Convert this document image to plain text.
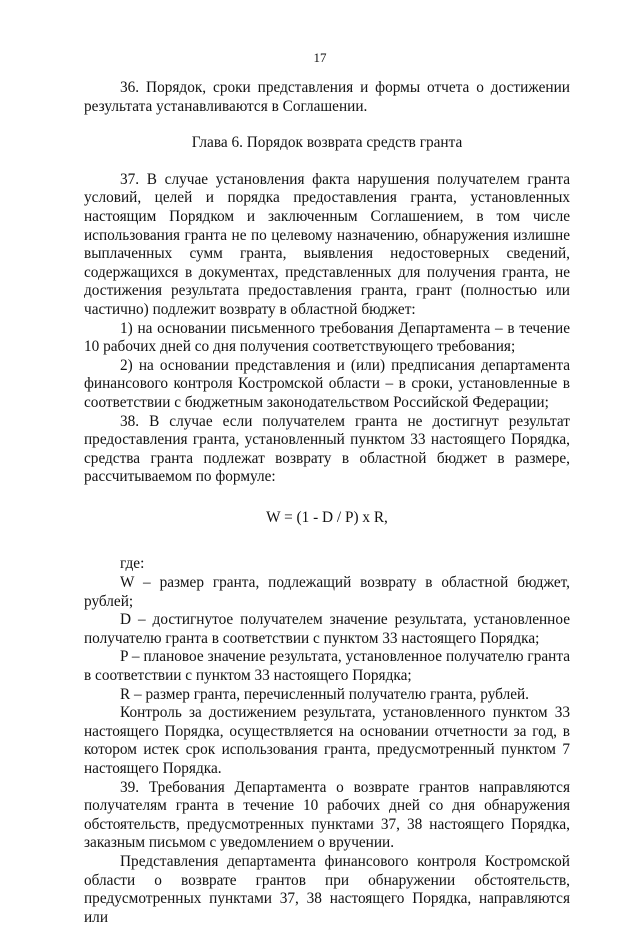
17

36. Порядок, сроки представления и формы отчета о достижении результата устанавливаются в Соглашении.

Глава 6. Порядок возврата средств гранта

37. В случае установления факта нарушения получателем гранта условий, целей и порядка предоставления гранта, установленных настоящим Порядком и заключенным Соглашением, в том числе использования гранта не по целевому назначению, обнаружения излишне выплаченных сумм гранта, выявления недостоверных сведений, содержащихся в документах, представленных для получения гранта, не достижения результата предоставления гранта, грант (полностью или частично) подлежит возврату в областной бюджет:

1) на основании письменного требования Департамента – в течение 10 рабочих дней со дня получения соответствующего требования;

2) на основании представления и (или) предписания департамента финансового контроля Костромской области – в сроки, установленные в соответствии с бюджетным законодательством Российской Федерации;

38. В случае если получателем гранта не достигнут результат предоставления гранта, установленный пунктом 33 настоящего Порядка, средства гранта подлежат возврату в областной бюджет в размере, рассчитываемом по формуле:

W = (1 - D / P) x R,

где:

W – размер гранта, подлежащий возврату в областной бюджет, рублей;

D – достигнутое получателем значение результата, установленное получателю гранта в соответствии с пунктом 33 настоящего Порядка;

P – плановое значение результата, установленное получателю гранта в соответствии с пунктом 33 настоящего Порядка;

R – размер гранта, перечисленный получателю гранта, рублей.

Контроль за достижением результата, установленного пунктом 33 настоящего Порядка, осуществляется на основании отчетности за год, в котором истек срок использования гранта, предусмотренный пунктом 7 настоящего Порядка.

39. Требования Департамента о возврате грантов направляются получателям гранта в течение 10 рабочих дней со дня обнаружения обстоятельств, предусмотренных пунктами 37, 38 настоящего Порядка, заказным письмом с уведомлением о вручении.

Представления департамента финансового контроля Костромской области о возврате грантов при обнаружении обстоятельств, предусмотренных пунктами 37, 38 настоящего Порядка, направляются или
